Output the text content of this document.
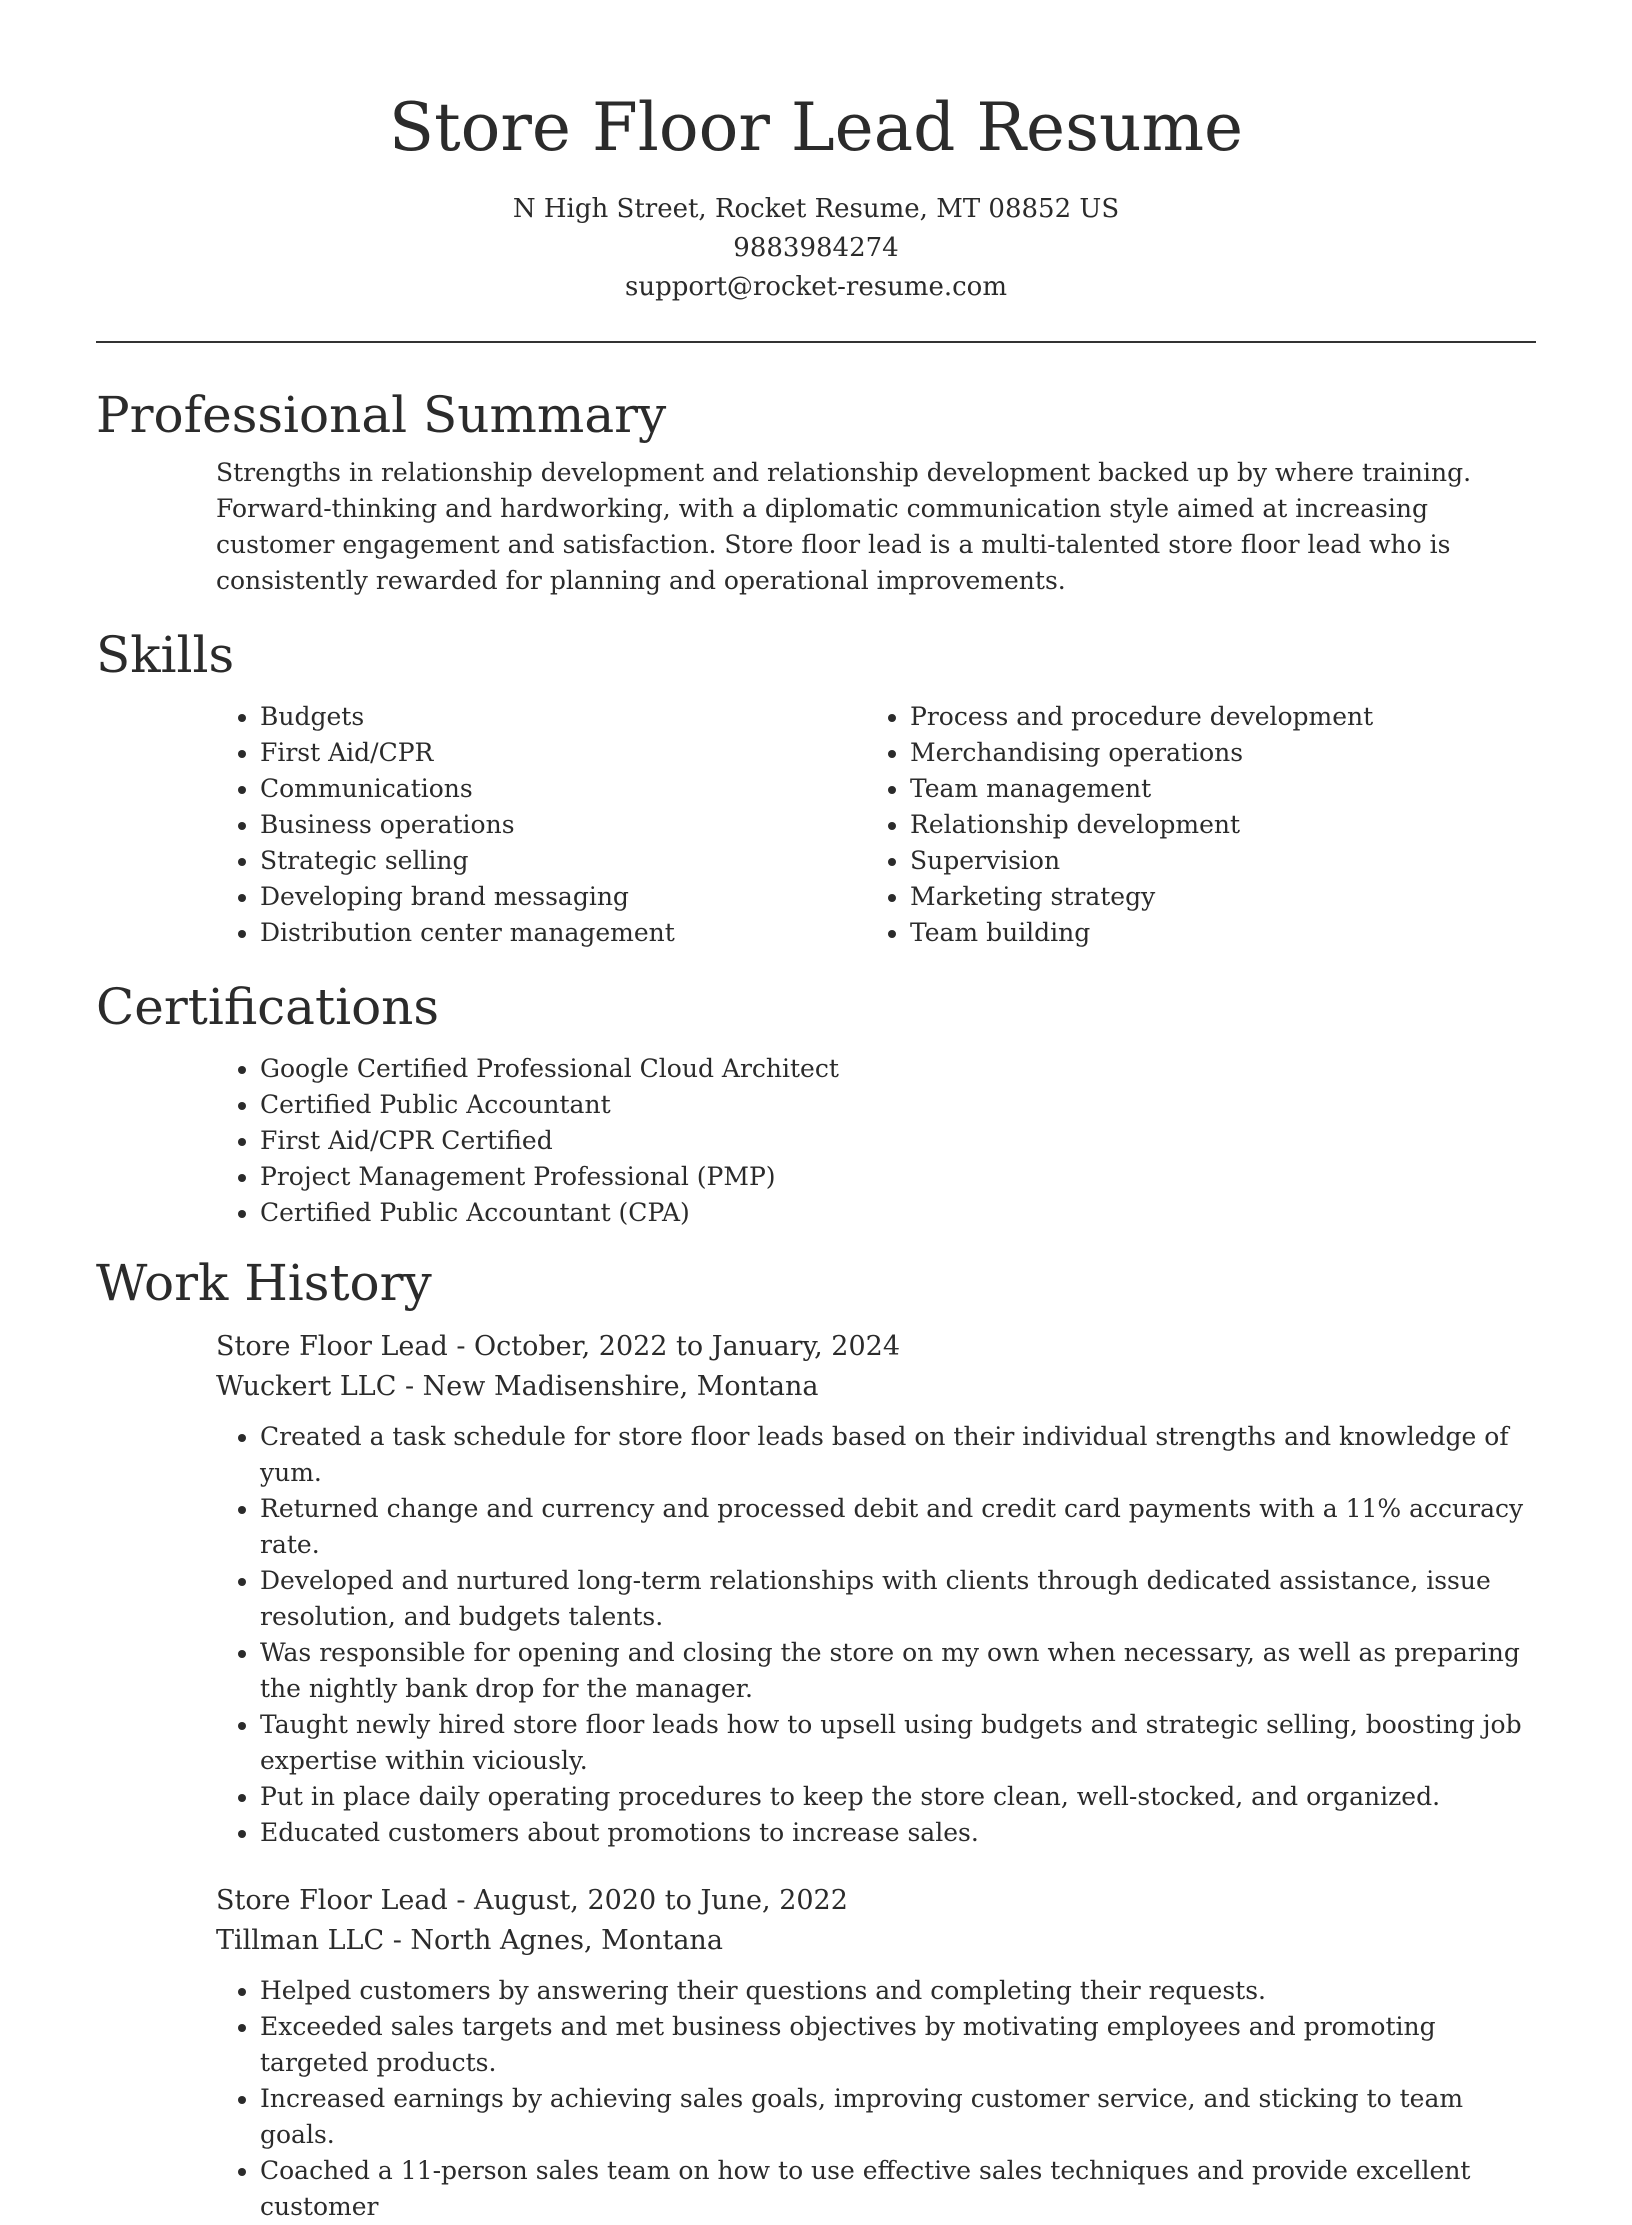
Store Floor Lead Resume

N High Street, Rocket Resume, MT 08852 US

9883984274

support@rocket-resume.com

Professional Summary

Strengths in relationship development and relationship development backed up by where training. Forward-thinking and hardworking, with a diplomatic communication style aimed at increasing customer engagement and satisfaction. Store floor lead is a multi-talented store floor lead who is consistently rewarded for planning and operational improvements.

Skills
• Budgets
• First Aid/CPR
• Communications
• Business operations
• Strategic selling
• Developing brand messaging
• Distribution center management
• Process and procedure development
• Merchandising operations
• Team management
• Relationship development
• Supervision
• Marketing strategy
• Team building
Certifications
• Google Certified Professional Cloud Architect
• Certified Public Accountant
• First Aid/CPR Certified
• Project Management Professional (PMP)
• Certified Public Accountant (CPA)
Work History
Store Floor Lead - October, 2022 to January, 2024
Wuckert LLC - New Madisenshire, Montana
• Created a task schedule for store floor leads based on their individual strengths and knowledge of yum.
• Returned change and currency and processed debit and credit card payments with a 11% accuracy rate.
• Developed and nurtured long-term relationships with clients through dedicated assistance, issue resolution, and budgets talents.
• Was responsible for opening and closing the store on my own when necessary, as well as preparing the nightly bank drop for the manager.
• Taught newly hired store floor leads how to upsell using budgets and strategic selling, boosting job expertise within viciously.
• Put in place daily operating procedures to keep the store clean, well-stocked, and organized.
• Educated customers about promotions to increase sales.
Store Floor Lead - August, 2020 to June, 2022
Tillman LLC - North Agnes, Montana
• Helped customers by answering their questions and completing their requests.
• Exceeded sales targets and met business objectives by motivating employees and promoting targeted products.
• Increased earnings by achieving sales goals, improving customer service, and sticking to team goals.
• Coached a 11-person sales team on how to use effective sales techniques and provide excellent customer
